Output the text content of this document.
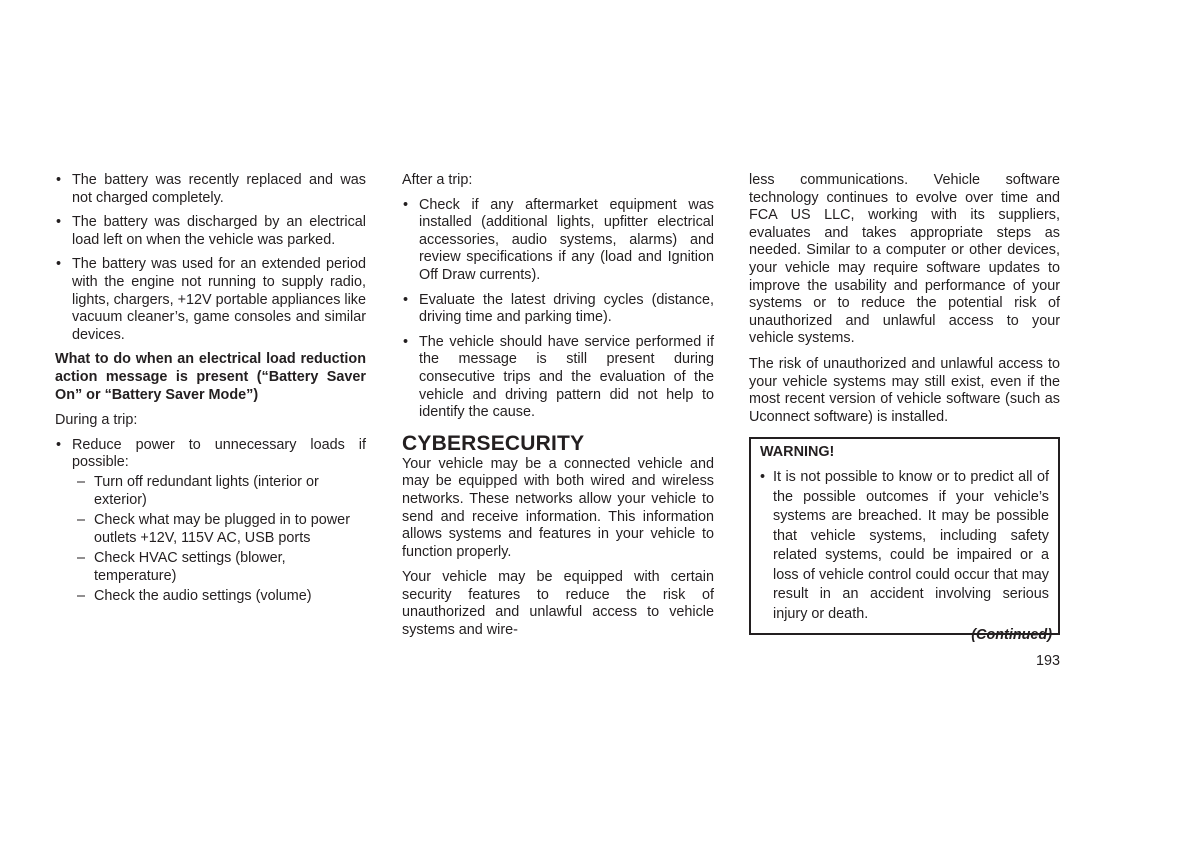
• The battery was recently replaced and was not charged completely.
• The battery was discharged by an electrical load left on when the vehicle was parked.
• The battery was used for an extended period with the engine not running to supply radio, lights, chargers, +12V portable appliances like vacuum cleaner’s, game consoles and similar devices.

What to do when an electrical load reduction action message is present (“Battery Saver On” or “Battery Saver Mode”)

During a trip:

• Reduce power to unnecessary loads if possible:
– Turn off redundant lights (interior or exterior)
– Check what may be plugged in to power outlets +12V, 115V AC, USB ports
– Check HVAC settings (blower, temperature)
– Check the audio settings (volume)

After a trip:

• Check if any aftermarket equipment was installed (additional lights, upfitter electrical accessories, audio systems, alarms) and review specifications if any (load and Ignition Off Draw currents).
• Evaluate the latest driving cycles (distance, driving time and parking time).
• The vehicle should have service performed if the message is still present during consecutive trips and the evaluation of the vehicle and driving pattern did not help to identify the cause.

CYBERSECURITY

Your vehicle may be a connected vehicle and may be equipped with both wired and wireless networks. These networks allow your vehicle to send and receive information. This information allows systems and features in your vehicle to function properly.

Your vehicle may be equipped with certain security features to reduce the risk of unauthorized and unlawful access to vehicle systems and wire-

less communications. Vehicle software technology continues to evolve over time and FCA US LLC, working with its suppliers, evaluates and takes appropriate steps as needed. Similar to a computer or other devices, your vehicle may require software updates to improve the usability and performance of your systems or to reduce the potential risk of unauthorized and unlawful access to your vehicle systems.

The risk of unauthorized and unlawful access to your vehicle systems may still exist, even if the most recent version of vehicle software (such as Uconnect software) is installed.

WARNING!

• It is not possible to know or to predict all of the possible outcomes if your vehicle’s systems are breached. It may be possible that vehicle systems, including safety related systems, could be impaired or a loss of vehicle control could occur that may result in an accident involving serious injury or death.
(Continued)
193
